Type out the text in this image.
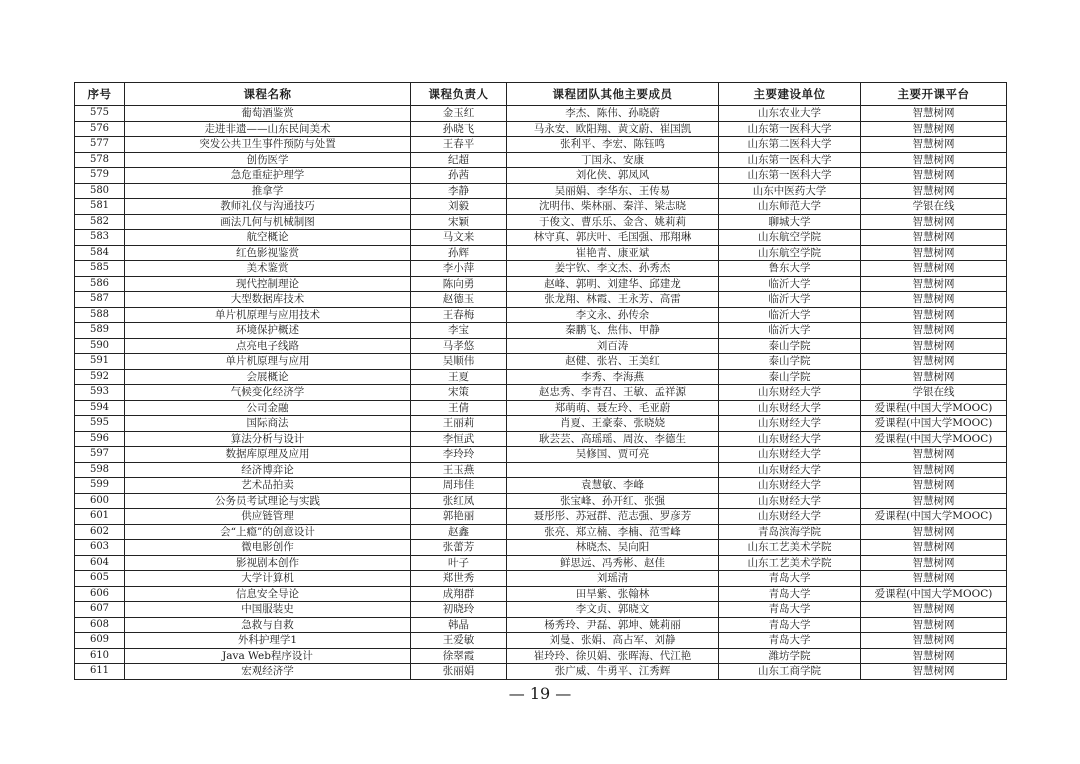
序号	课程名称	课程负责人	课程团队其他主要成员	主要建设单位	主要开课平台
575	葡萄酒鉴赏	金玉红	李杰、陈伟、孙晓蔚	山东农业大学	智慧树网
576	走进非遗——山东民间美术	孙晓飞	马永安、欧阳翔、黄文蔚、崔国凯	山东第一医科大学	智慧树网
577	突发公共卫生事件预防与处置	王春平	张利平、李宏、陈钰鸣	山东第二医科大学	智慧树网
578	创伤医学	纪超	丁国永、安康	山东第一医科大学	智慧树网
579	急危重症护理学	孙茜	刘化侠、郭凤风	山东第一医科大学	智慧树网
580	推拿学	李静	吴丽娟、李华东、王传易	山东中医药大学	智慧树网
581	教师礼仪与沟通技巧	刘毅	沈明伟、柴林丽、秦洋、梁志晓	山东师范大学	学银在线
582	画法几何与机械制图	宋颖	于俊文、曹乐乐、金含、姚莉莉	聊城大学	智慧树网
583	航空概论	马文来	林守真、郭庆叶、毛国强、邢翔琳	山东航空学院	智慧树网
584	红色影视鉴赏	孙辉	崔艳青、康亚斌	山东航空学院	智慧树网
585	美术鉴赏	李小萍	姜宇钦、李文杰、孙秀杰	鲁东大学	智慧树网
586	现代控制理论	陈向勇	赵峰、郭明、刘建华、邱建龙	临沂大学	智慧树网
587	大型数据库技术	赵德玉	张龙翔、林霞、王永芳、高雷	临沂大学	智慧树网
588	单片机原理与应用技术	王春梅	李文永、孙传余	临沂大学	智慧树网
589	环境保护概述	李宝	秦鹏飞、焦伟、甲静	临沂大学	智慧树网
590	点亮电子线路	马孝悠	刘百涛	泰山学院	智慧树网
591	单片机原理与应用	吴顺伟	赵健、张岩、王美红	泰山学院	智慧树网
592	会展概论	王夏	李秀、李海燕	泰山学院	智慧树网
593	气候变化经济学	宋策	赵忠秀、李青召、王敏、孟祥源	山东财经大学	学银在线
594	公司金融	王倩	郑萌萌、聂左玲、毛亚蔚	山东财经大学	爱课程(中国大学MOOC)
595	国际商法	王丽莉	肖夏、王豪泰、张晓娆	山东财经大学	爱课程(中国大学MOOC)
596	算法分析与设计	李恒武	耿芸芸、高瑶瑶、周汝、李德生	山东财经大学	爱课程(中国大学MOOC)
597	数据库原理及应用	李玲玲	吴修国、贾可亮	山东财经大学	智慧树网
598	经济博弈论	王玉燕		山东财经大学	智慧树网
599	艺术品拍卖	周玮佳	袁慧敏、李峰	山东财经大学	智慧树网
600	公务员考试理论与实践	张红凤	张宝峰、孙开红、张强	山东财经大学	智慧树网
601	供应链管理	郭艳丽	聂彤彤、苏冠群、范志强、罗彦芳	山东财经大学	爱课程(中国大学MOOC)
602	会“上瘾”的创意设计	赵鑫	张亮、郑立楠、李楠、范雪峰	青岛滨海学院	智慧树网
603	微电影创作	张蕾芳	林晓杰、吴向阳	山东工艺美术学院	智慧树网
604	影视剧本创作	叶子	鲜思远、冯秀彬、赵佳	山东工艺美术学院	智慧树网
605	大学计算机	郑世秀	刘瑶清	青岛大学	智慧树网
606	信息安全导论	成翔群	田旱紫、张翰林	青岛大学	爱课程(中国大学MOOC)
607	中国服装史	初晓玲	李文贞、郭晓文	青岛大学	智慧树网
608	急救与自救	韩晶	杨秀玲、尹磊、郭坤、姚莉丽	青岛大学	智慧树网
609	外科护理学1	王爱敏	刘曼、张娟、高占军、刘静	青岛大学	智慧树网
610	Java Web程序设计	徐翠霞	崔玲玲、徐贝娟、张晖海、代江艳	潍坊学院	智慧树网
611	宏观经济学	张丽娟	张广威、牛勇平、江秀辉	山东工商学院	智慧树网
— 19 —
